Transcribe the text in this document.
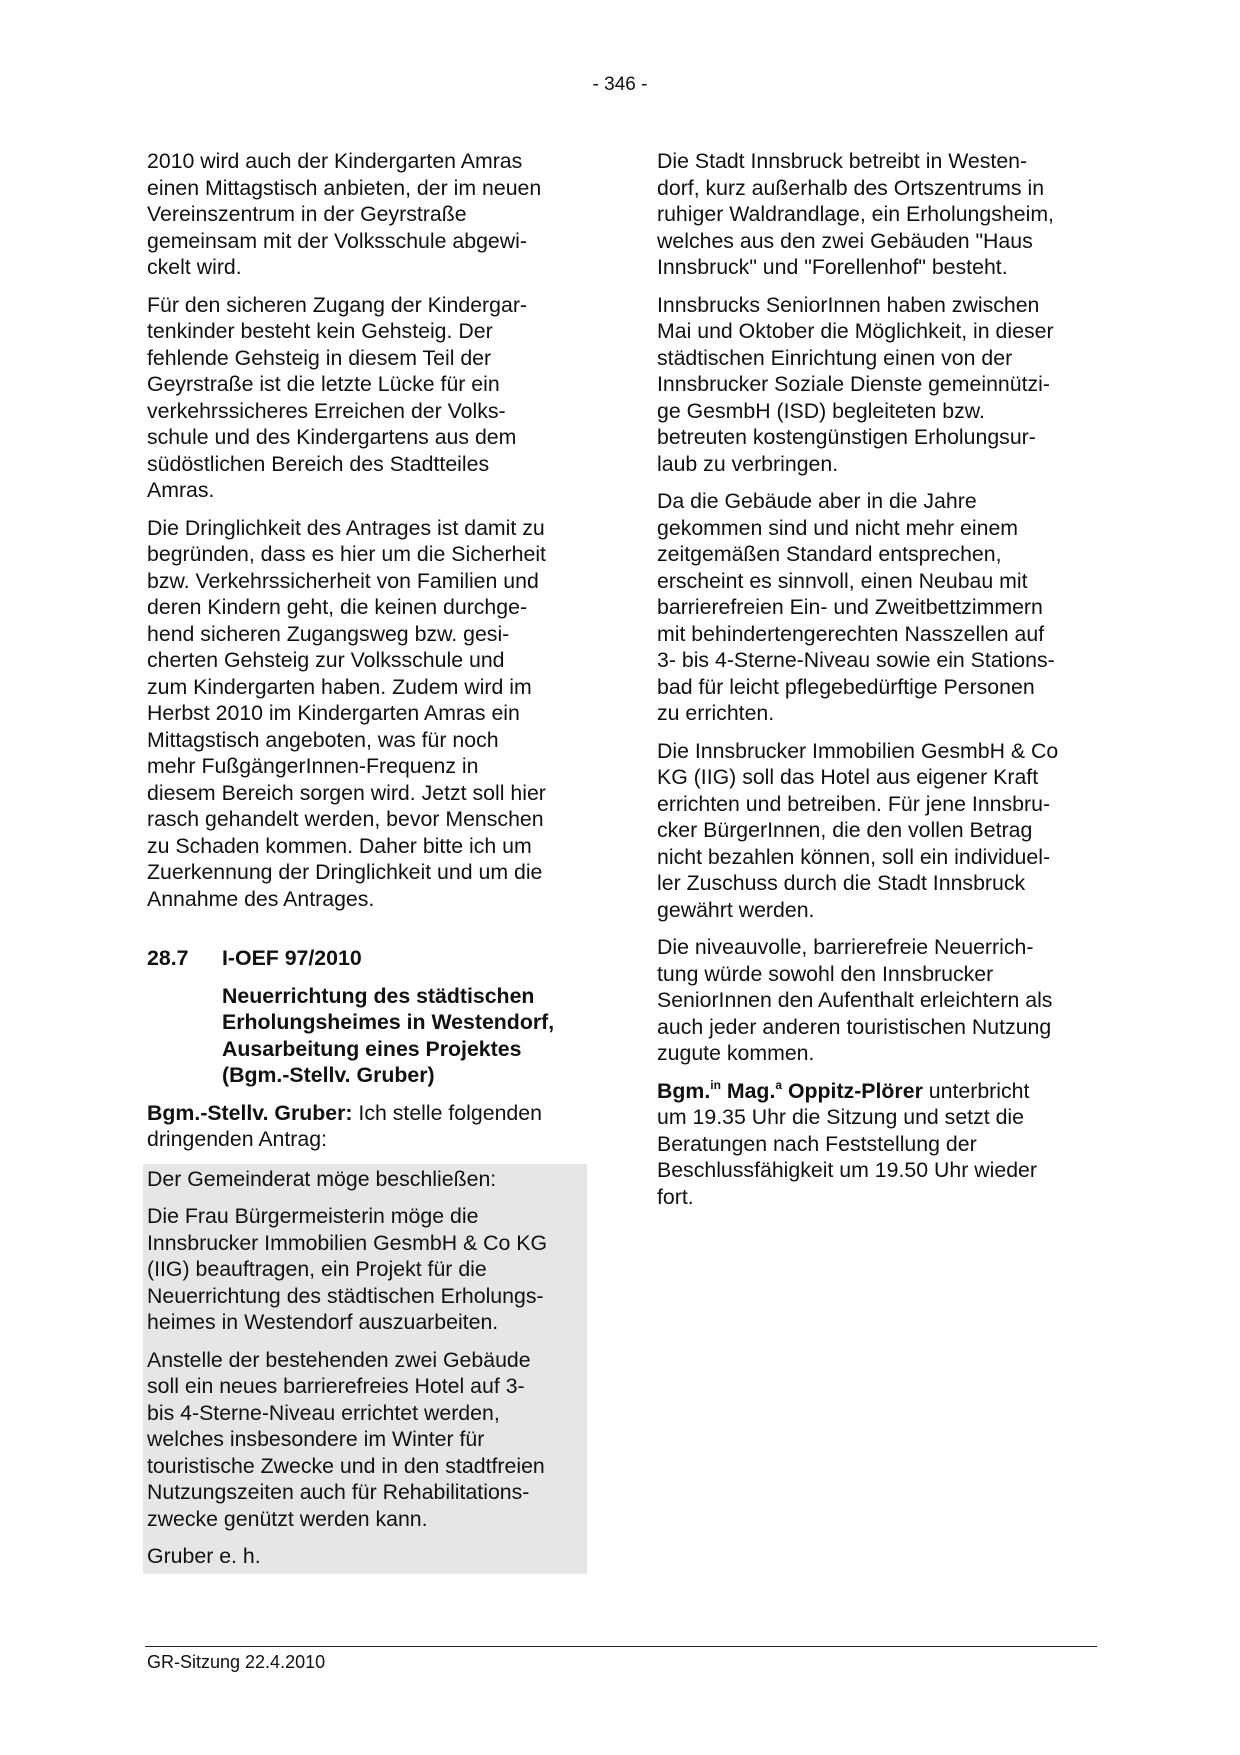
- 346 -

2010 wird auch der Kindergarten Amras
einen Mittagstisch anbieten, der im neuen
Vereinszentrum in der Geyrstraße
gemeinsam mit der Volksschule abgewi-
ckelt wird.

Für den sicheren Zugang der Kindergar-
tenkinder besteht kein Gehsteig. Der
fehlende Gehsteig in diesem Teil der
Geyrstraße ist die letzte Lücke für ein
verkehrssicheres Erreichen der Volks-
schule und des Kindergartens aus dem
südöstlichen Bereich des Stadtteiles
Amras.

Die Dringlichkeit des Antrages ist damit zu
begründen, dass es hier um die Sicherheit
bzw. Verkehrssicherheit von Familien und
deren Kindern geht, die keinen durchge-
hend sicheren Zugangsweg bzw. gesi-
cherten Gehsteig zur Volksschule und
zum Kindergarten haben. Zudem wird im
Herbst 2010 im Kindergarten Amras ein
Mittagstisch angeboten, was für noch
mehr FußgängerInnen-Frequenz in
diesem Bereich sorgen wird. Jetzt soll hier
rasch gehandelt werden, bevor Menschen
zu Schaden kommen. Daher bitte ich um
Zuerkennung der Dringlichkeit und um die
Annahme des Antrages.

28.7 I-OEF 97/2010
Neuerrichtung des städtischen
Erholungsheimes in Westendorf,
Ausarbeitung eines Projektes
(Bgm.-Stellv. Gruber)

Bgm.-Stellv. Gruber: Ich stelle folgenden
dringenden Antrag:

Der Gemeinderat möge beschließen:

Die Frau Bürgermeisterin möge die
Innsbrucker Immobilien GesmbH & Co KG
(IIG) beauftragen, ein Projekt für die
Neuerrichtung des städtischen Erholungs-
heimes in Westendorf auszuarbeiten.

Anstelle der bestehenden zwei Gebäude
soll ein neues barrierefreies Hotel auf 3-
bis 4-Sterne-Niveau errichtet werden,
welches insbesondere im Winter für
touristische Zwecke und in den stadtfreien
Nutzungszeiten auch für Rehabilitations-
zwecke genützt werden kann.

Gruber e. h.

Die Stadt Innsbruck betreibt in Westen-
dorf, kurz außerhalb des Ortszentrums in
ruhiger Waldrandlage, ein Erholungsheim,
welches aus den zwei Gebäuden "Haus
Innsbruck" und "Forellenhof" besteht.

Innsbrucks SeniorInnen haben zwischen
Mai und Oktober die Möglichkeit, in dieser
städtischen Einrichtung einen von der
Innsbrucker Soziale Dienste gemeinnützi-
ge GesmbH (ISD) begleiteten bzw.
betreuten kostengünstigen Erholungsur-
laub zu verbringen.

Da die Gebäude aber in die Jahre
gekommen sind und nicht mehr einem
zeitgemäßen Standard entsprechen,
erscheint es sinnvoll, einen Neubau mit
barrierefreien Ein- und Zweitbettzimmern
mit behindertengerechten Nasszellen auf
3- bis 4-Sterne-Niveau sowie ein Stations-
bad für leicht pflegebedürftige Personen
zu errichten.

Die Innsbrucker Immobilien GesmbH & Co
KG (IIG) soll das Hotel aus eigener Kraft
errichten und betreiben. Für jene Innsbru-
cker BürgerInnen, die den vollen Betrag
nicht bezahlen können, soll ein individuel-
ler Zuschuss durch die Stadt Innsbruck
gewährt werden.

Die niveauvolle, barrierefreie Neuerrich-
tung würde sowohl den Innsbrucker
SeniorInnen den Aufenthalt erleichtern als
auch jeder anderen touristischen Nutzung
zugute kommen.

Bgm.$^{in}$ Mag.$^a$ Oppitz-Plörer unterbricht
um 19.35 Uhr die Sitzung und setzt die
Beratungen nach Feststellung der
Beschlussfähigkeit um 19.50 Uhr wieder
fort.

GR-Sitzung 22.4.2010
